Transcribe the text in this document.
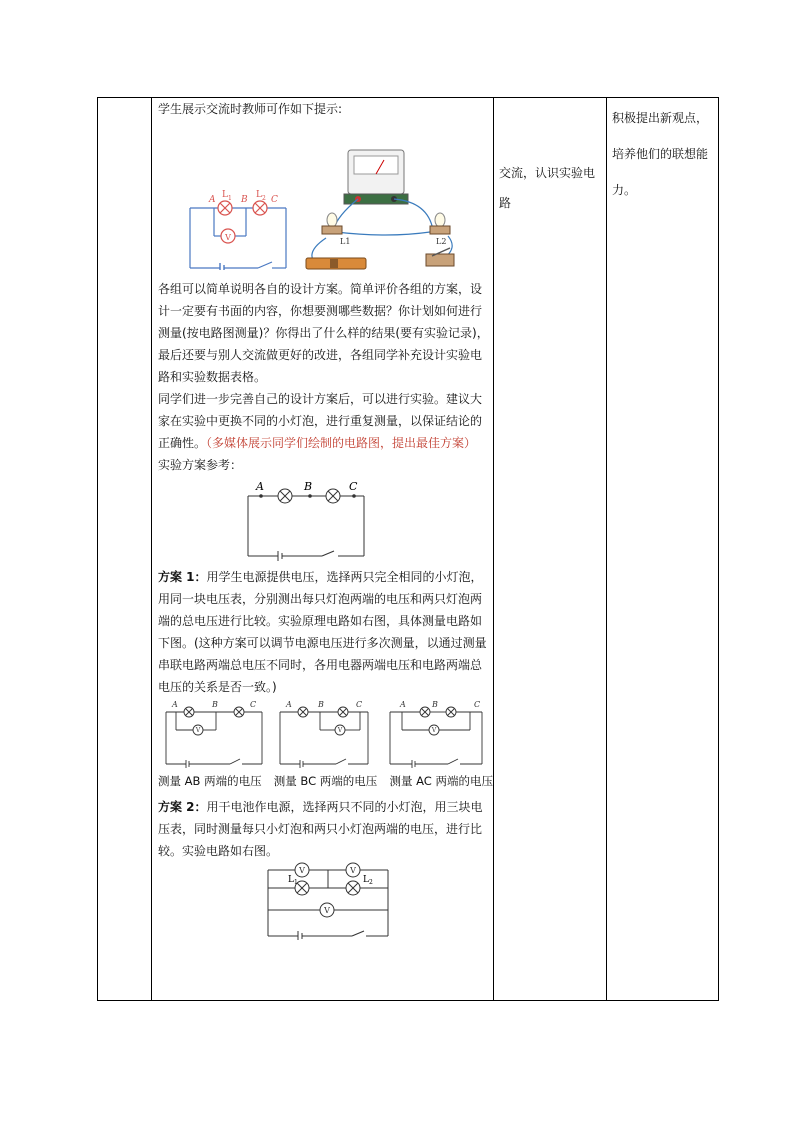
学生展示交流时教师可作如下提示:

V
A L 1 B L 2 C
L1	L2

各组可以简单说明各自的设计方案。简单评价各组的方案，设计一定要有书面的内容，你想要测哪些数据？你计划如何进行测量(按电路图测量)？你得出了什么样的结果(要有实验记录)，最后还要与别人交流做更好的改进，各组同学补充设计实验电路和实验数据表格。

同学们进一步完善自己的设计方案后，可以进行实验。建议大家在实验中更换不同的小灯泡，进行重复测量，以保证结论的正确性。（多媒体展示同学们绘制的电路图，提出最佳方案）

实验方案参考：

A	B	C

方案 1：用学生电源提供电压，选择两只完全相同的小灯泡，用同一块电压表，分别测出每只灯泡两端的电压和两只灯泡两端的总电压进行比较。实验原理电路如右图，具体测量电路如下图。(这种方案可以调节电源电压进行多次测量，以通过测量串联电路两端总电压不同时，各用电器两端电压和电路两端总电压的关系是否一致。)

A	B	C	A	B	C	A	B	C
V	V	V
测量 AB 两端的电压 测量 BC 两端的电压 测量 AC 两端的电压

方案 2：用干电池作电源，选择两只不同的小灯泡，用三块电压表，同时测量每只小灯泡和两只小灯泡两端的电压，进行比较。实验电路如右图。

V	V
V
L 1	L 2
交流，认识实验电路
积极提出新观点，培养他们的联想能力。
